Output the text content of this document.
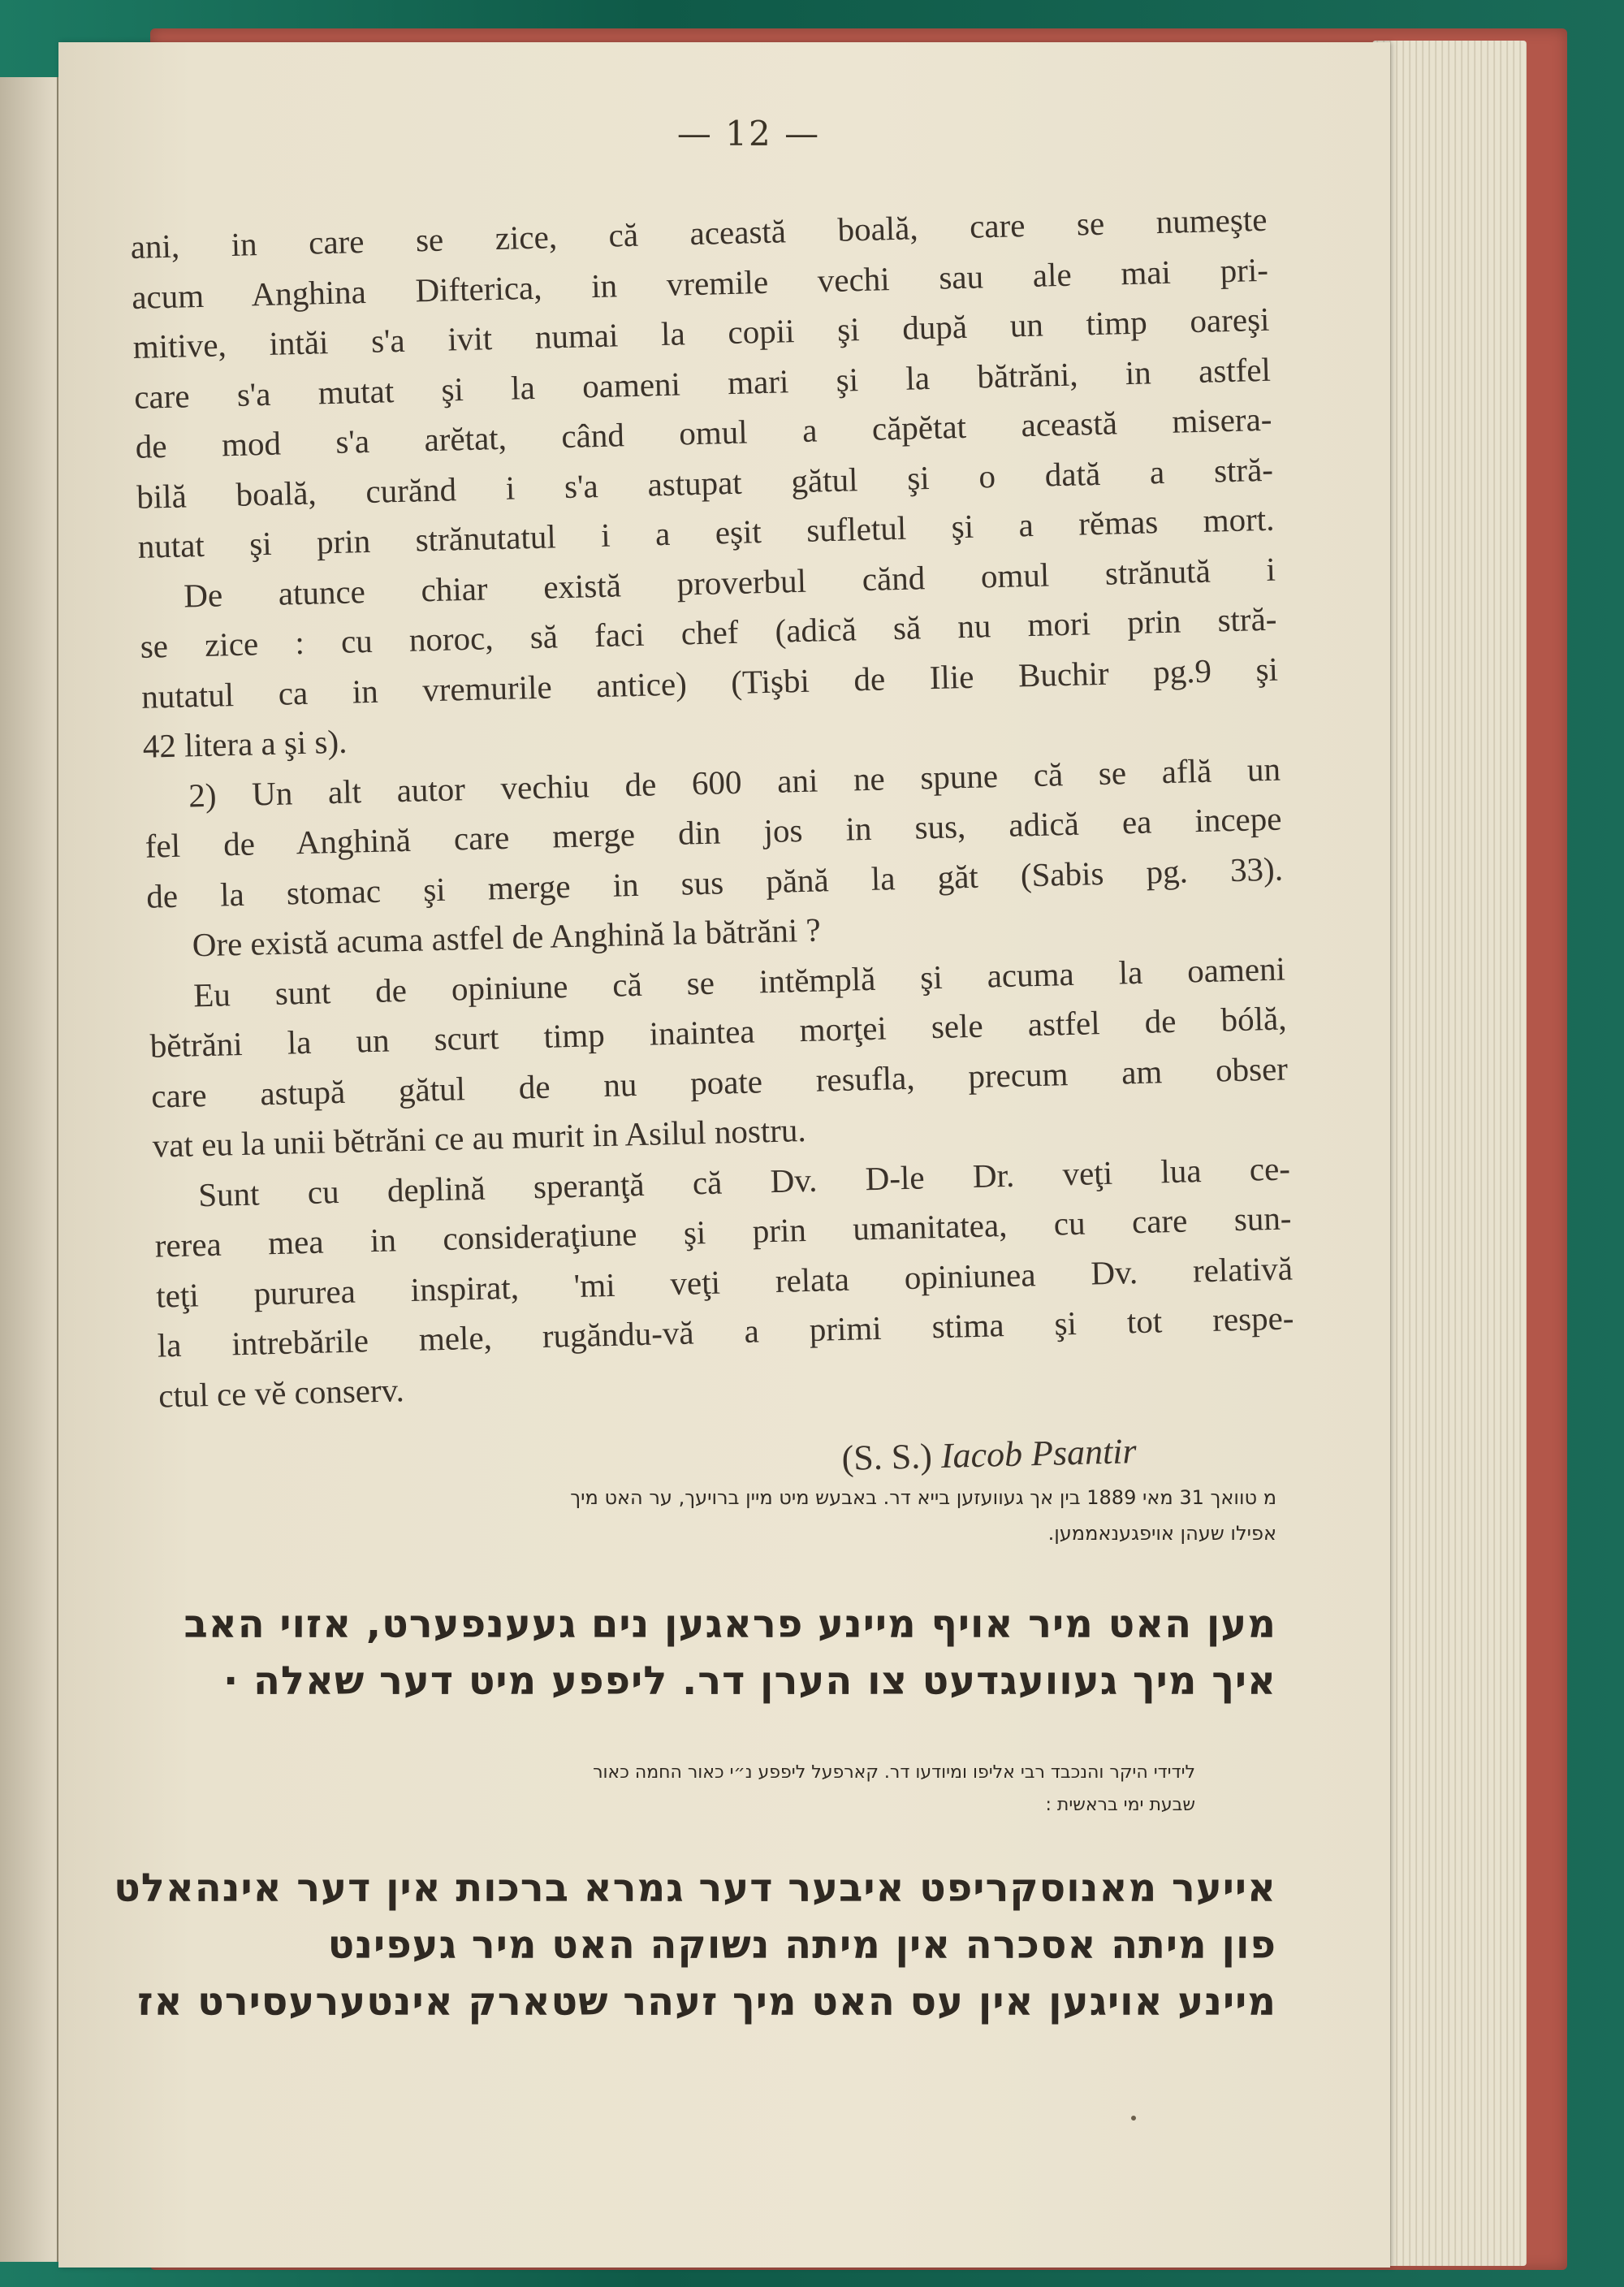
— 12 —
ani, in care se zice, că această boală, care se numeşte
acum Anghina Difterica, in vremile vechi sau ale mai pri-
mitive, intăi s'a ivit numai la copii şi după un timp oareşi
care s'a mutat şi la oameni mari şi la bătrăni, in astfel
de mod s'a arĕtat, când omul a căpĕtat această misera-
bilă boală, curănd i s'a astupat gătul şi o dată a stră-
nutat şi prin strănutatul i a eşit sufletul şi a rĕmas mort.
De atunce chiar există proverbul cănd omul strănută i
se zice : cu noroc, să faci chef (adică să nu mori prin stră-
nutatul ca in vremurile antice) (Tişbi de Ilie Buchir pg.9 şi
42 litera a şi s).
2) Un alt autor vechiu de 600 ani ne spune că se află un
fel de Anghină care merge din jos in sus, adică ea incepe
de la stomac şi merge in sus pănă la găt (Sabis pg. 33).
Ore există acuma astfel de Anghină la bătrăni ?
Eu sunt de opiniune că se intĕmplă şi acuma la oameni
bĕtrăni la un scurt timp inaintea morţei sele astfel de bólă,
care astupă gătul de nu poate resufla, precum am obser
vat eu la unii bĕtrăni ce au murit in Asilul nostru.
Sunt cu deplină speranţă că Dv. D-le Dr. veţi lua ce-
rerea mea in consideraţiune şi prin umanitatea, cu care sun-
teţi pururea inspirat, 'mi veţi relata opiniunea Dv. relativă
la intrebările mele, rugăndu-vă a primi stima şi tot respe-
ctul ce vĕ conserv.
(S. S.) Iacob Psantir
מ טוואך 31 מאי 1889 בין אך געוועזען בייא דר. באבעש מיט מיין ברויעך, ער האט מיך
אפילו שעהן אויפגענאממען.
מען האט מיר אויף מיינע פראגען נים געענפערט, אזוי האב
איך מיך געוועגדעט צו הערן דר. ליפפע מיט דער שאלה ·
לידידי היקר והנכבד רבי אליפו ומיודעו דר. קארפעל ליפפע נ״י כאור החמה כאור
שבעת ימי בראשית :
אייער מאנוסקריפט איבער דער גמרא ברכות אין דער אינהאלט
פון מיתה אסכרה אין מיתה נשוקה האט מיר געפינט
מיינע אויגען אין עס האט מיך זעהר שטארק אינטערעסירט אז
